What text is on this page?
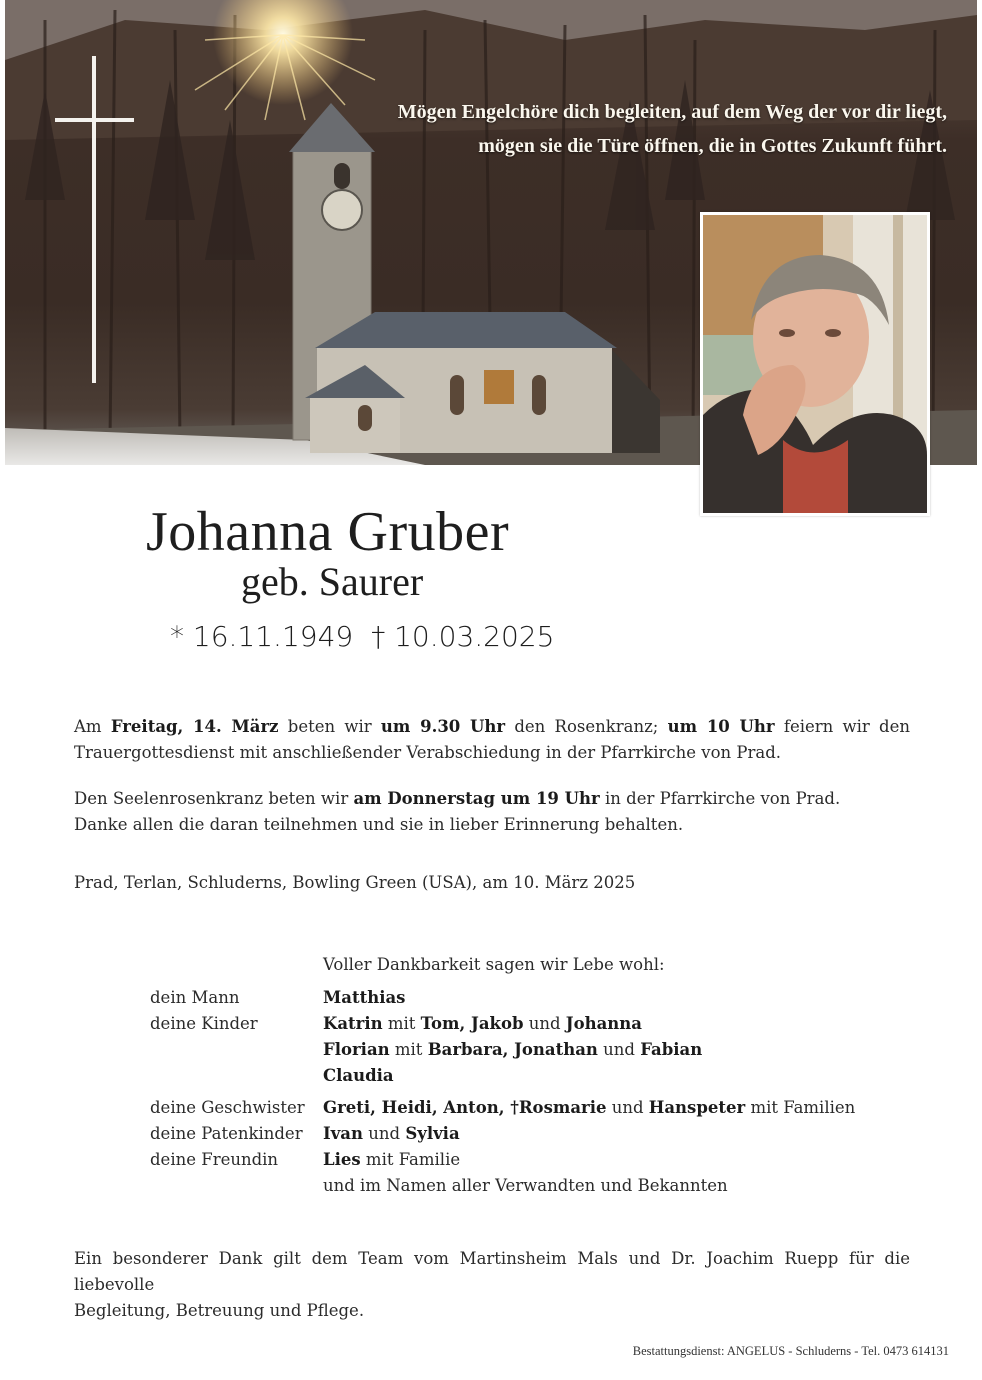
Mögen Engelchöre dich begleiten, auf dem Weg der vor dir liegt,
mögen sie die Türe öffnen, die in Gottes Zukunft führt.
Johanna Gruber
geb. Saurer
* 16.11.1949 † 10.03.2025
Am Freitag, 14. März beten wir um 9.30 Uhr den Rosenkranz; um 10 Uhr feiern wir den
Trauergottesdienst mit anschließender Verabschiedung in der Pfarrkirche von Prad.
Den Seelenrosenkranz beten wir am Donnerstag um 19 Uhr in der Pfarrkirche von Prad.
Danke allen die daran teilnehmen und sie in lieber Erinnerung behalten.
Prad, Terlan, Schluderns, Bowling Green (USA), am 10. März 2025
Voller Dankbarkeit sagen wir Lebe wohl:
dein Mann	Matthias
deine Kinder	Katrin mit Tom, Jakob und Johanna
Florian mit Barbara, Jonathan und Fabian
Claudia
deine Geschwister	Greti, Heidi, Anton, †Rosmarie und Hanspeter mit Familien
deine Patenkinder	Ivan und Sylvia
deine Freundin	Lies mit Familie
und im Namen aller Verwandten und Bekannten
Ein besonderer Dank gilt dem Team vom Martinsheim Mals und Dr. Joachim Ruepp für die liebevolle
Begleitung, Betreuung und Pflege.
Bestattungsdienst: ANGELUS - Schluderns - Tel. 0473 614131
